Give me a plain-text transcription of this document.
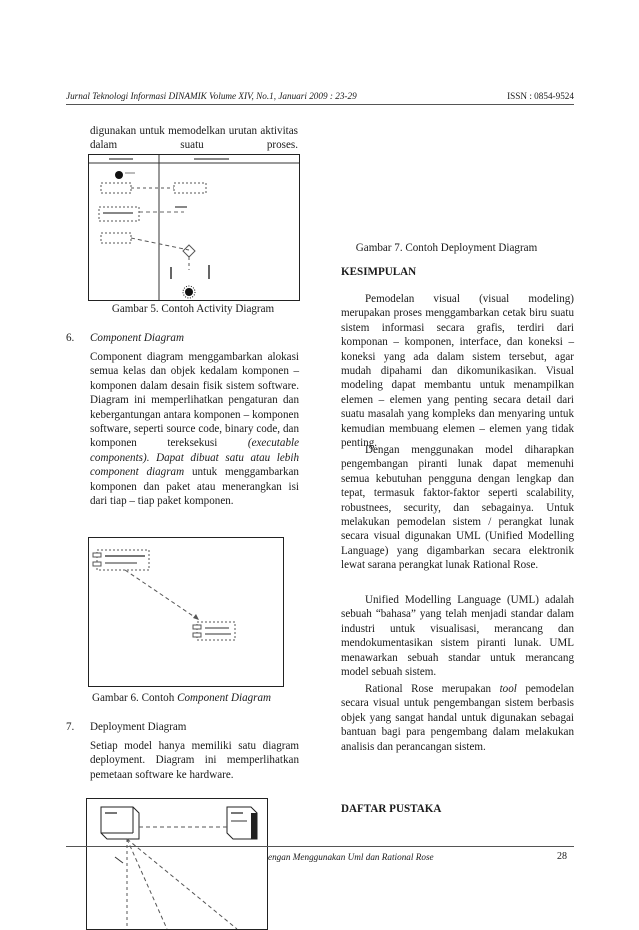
Jurnal Teknologi Informasi DINAMIK Volume XIV, No.1, Januari 2009 : 23-29	ISSN : 0854-9524

digunakan untuk memodelkan urutan aktivitas dalam suatu proses.

Gambar 5. Contoh Activity Diagram
6. Component Diagram
Component diagram menggambarkan alokasi semua kelas dan objek kedalam komponen – komponen dalam desain fisik sistem software. Diagram ini memperlihatkan pengaturan dan kebergantungan antara komponen – komponen software, seperti source code, binary code, dan komponen tereksekusi	(executable components). Dapat dibuat satu atau lebih component diagram untuk menggambarkan komponen dan paket atau menerangkan isi dari tiap – tiap paket komponen.
Gambar 6. Contoh Component Diagram
7. Deployment Diagram

Setiap model hanya memiliki satu diagram deployment. Diagram ini memperlihatkan pemetaan software ke hardware.

Gambar 7. Contoh Deployment Diagram
KESIMPULAN

Pemodelan visual (visual modeling) merupakan proses menggambarkan cetak biru suatu sistem informasi secara grafis, terdiri dari komponan – komponen, interface, dan koneksi – koneksi yang ada dalam sistem tersebut, agar mudah dipahami dan dikomunikasikan. Visual modeling dapat membantu untuk menampilkan elemen – elemen yang penting secara detail dari suatu masalah yang kompleks dan menyaring untuk kemudian membuang elemen – elemen yang tidak penting.

Dengan menggunakan model diharapkan pengembangan piranti lunak dapat memenuhi semua kebutuhan pengguna dengan lengkap dan tepat, termasuk faktor-faktor seperti scalability, robustnees, security, dan sebagainya. Untuk melakukan pemodelan sistem / perangkat lunak secara visual digunakan UML (Unified Modelling Language) yang digambarkan secara elektronik lewat sarana perangkat lunak Rational Rose.

Unified Modelling Language (UML) adalah sebuah “bahasa” yang telah menjadi standar dalam industri untuk visualisasi, merancang dan mendokumentasikan sistem piranti lunak. UML menawarkan sebuah standar untuk merancang model sebuah sistem.

Rational Rose merupakan tool pemodelan secara visual untuk pengembangan sistem berbasis objek yang sangat handal untuk digunakan sebagai bantuan bagi para pengembang dalam melakukan analisis dan perancangan sistem.

DAFTAR PUSTAKA
engan Menggunakan Uml dan Rational Rose	28
